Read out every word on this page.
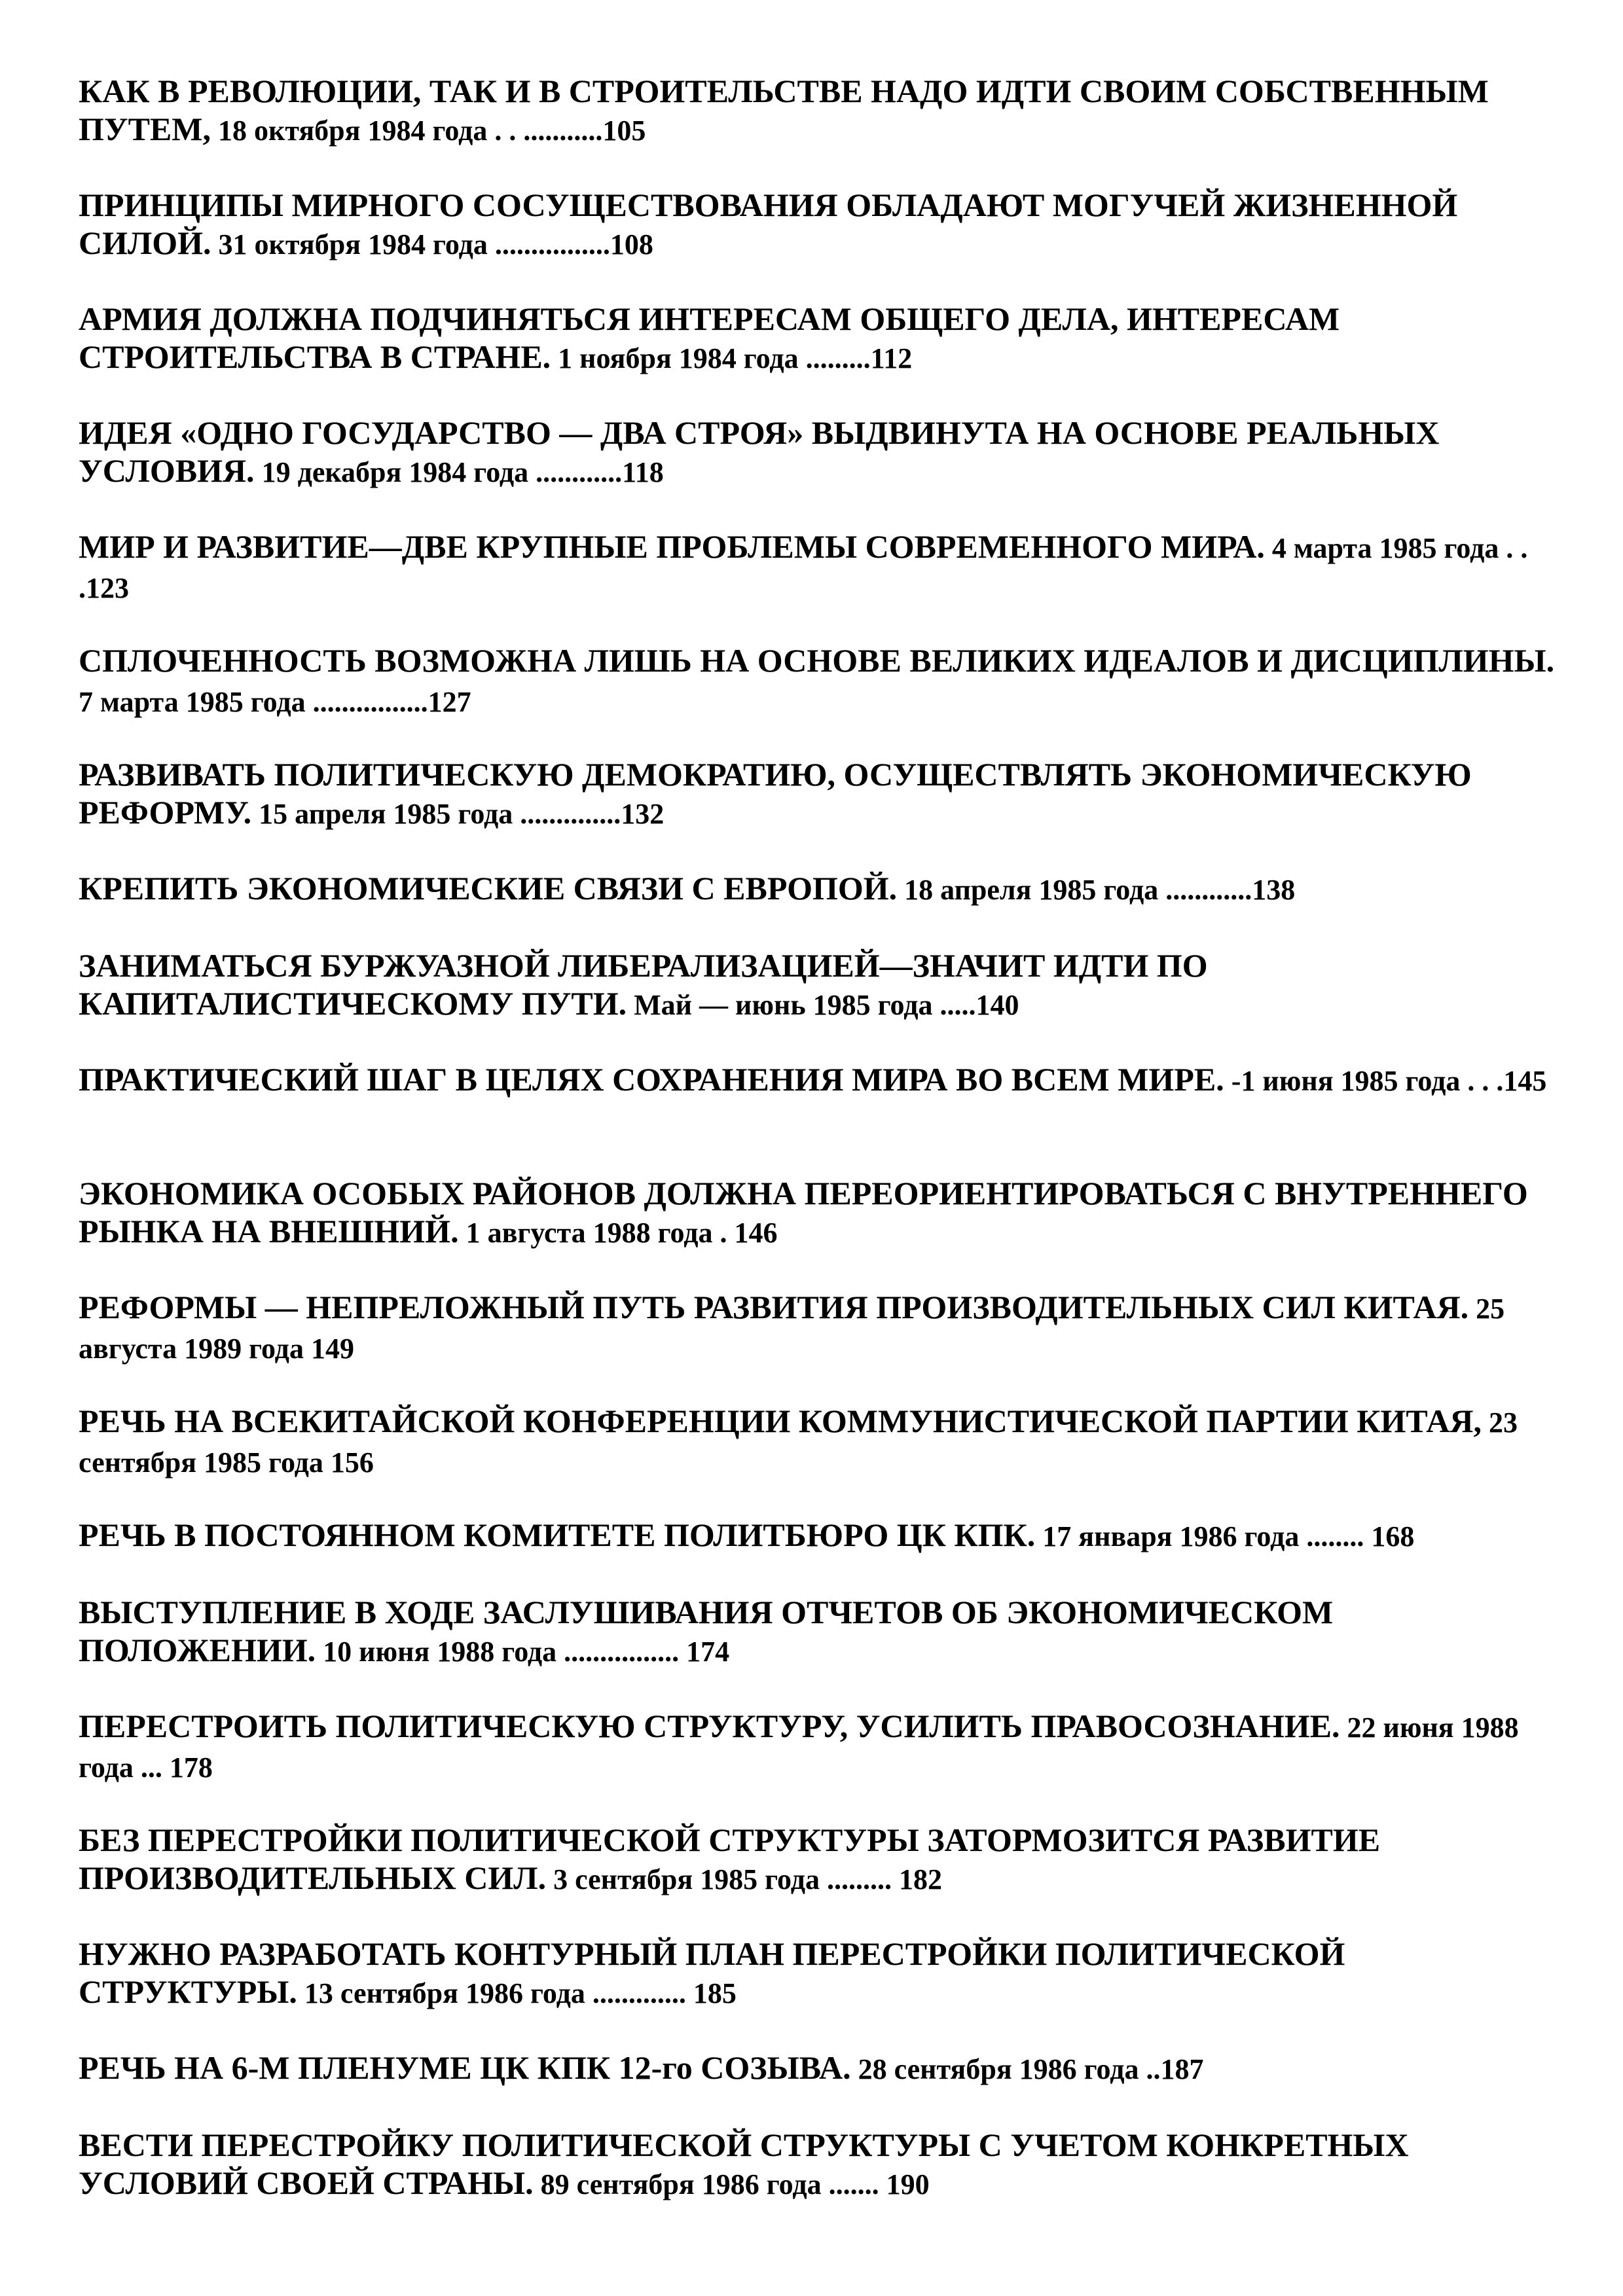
КАК В РЕВОЛЮЦИИ, ТАК И В СТРОИТЕЛЬСТВЕ НАДО ИДТИ СВОИМ СОБСТВЕННЫМ ПУТЕМ, 18 октября 1984 года . . ...........105
ПРИНЦИПЫ МИРНОГО СОСУЩЕСТВОВАНИЯ ОБЛАДАЮТ МОГУЧЕЙ ЖИЗНЕННОЙ СИЛОЙ. 31 октября 1984 года ................108
АРМИЯ ДОЛЖНА ПОДЧИНЯТЬСЯ ИНТЕРЕСАМ ОБЩЕГО ДЕЛА, ИНТЕРЕСАМ СТРОИТЕЛЬСТВА В СТРАНЕ. 1 ноября 1984 года .........112
ИДЕЯ «ОДНО ГОСУДАРСТВО — ДВА СТРОЯ» ВЫДВИНУТА НА ОСНОВЕ РЕАЛЬНЫХ УСЛОВИЯ. 19 декабря 1984 года ............118
МИР И РАЗВИТИЕ—ДВЕ КРУПНЫЕ ПРОБЛЕМЫ СОВРЕМЕННОГО МИРА. 4 марта 1985 года . . .123
СПЛОЧЕННОСТЬ ВОЗМОЖНА ЛИШЬ НА ОСНОВЕ ВЕЛИКИХ ИДЕАЛОВ И ДИСЦИПЛИНЫ. 7 марта 1985 года ................127
РАЗВИВАТЬ ПОЛИТИЧЕСКУЮ ДЕМОКРАТИЮ, ОСУЩЕСТВЛЯТЬ ЭКОНОМИЧЕСКУЮ РЕФОРМУ. 15 апреля 1985 года ..............132
КРЕПИТЬ ЭКОНОМИЧЕСКИЕ СВЯЗИ С ЕВРОПОЙ. 18 апреля 1985 года ............138
ЗАНИМАТЬСЯ БУРЖУАЗНОЙ ЛИБЕРАЛИЗАЦИЕЙ—ЗНАЧИТ ИДТИ ПО КАПИТАЛИСТИЧЕСКОМУ ПУТИ. Май — июнь 1985 года .....140
ПРАКТИЧЕСКИЙ ШАГ В ЦЕЛЯХ СОХРАНЕНИЯ МИРА ВО ВСЕМ МИРЕ. -1 июня 1985 года . . .145
ЭКОНОМИКА ОСОБЫХ РАЙОНОВ ДОЛЖНА ПЕРЕОРИЕНТИРОВАТЬСЯ С ВНУТРЕННЕГО РЫНКА НА ВНЕШНИЙ. 1 августа 1988 года . 146
РЕФОРМЫ — НЕПРЕЛОЖНЫЙ ПУТЬ РАЗВИТИЯ ПРОИЗВОДИТЕЛЬНЫХ СИЛ КИТАЯ. 25 августа 1989 года 149
РЕЧЬ НА ВСЕКИТАЙСКОЙ КОНФЕРЕНЦИИ КОММУНИСТИЧЕСКОЙ ПАРТИИ КИТАЯ, 23 сентября 1985 года 156
РЕЧЬ В ПОСТОЯННОМ КОМИТЕТЕ ПОЛИТБЮРО ЦК КПК. 17 января 1986 года ........ 168
ВЫСТУПЛЕНИЕ В ХОДЕ ЗАСЛУШИВАНИЯ ОТЧЕТОВ ОБ ЭКОНОМИЧЕСКОМ ПОЛОЖЕНИИ. 10 июня 1988 года ................ 174
ПЕРЕСТРОИТЬ ПОЛИТИЧЕСКУЮ СТРУКТУРУ, УСИЛИТЬ ПРАВОСОЗНАНИЕ. 22 июня 1988 года ... 178
БЕЗ ПЕРЕСТРОЙКИ ПОЛИТИЧЕСКОЙ СТРУКТУРЫ ЗАТОРМОЗИТСЯ РАЗВИТИЕ ПРОИЗВОДИТЕЛЬНЫХ СИЛ. 3 сентября 1985 года ......... 182
НУЖНО РАЗРАБОТАТЬ КОНТУРНЫЙ ПЛАН ПЕРЕСТРОЙКИ ПОЛИТИЧЕСКОЙ СТРУКТУРЫ. 13 сентября 1986 года ............. 185
РЕЧЬ НА 6-М ПЛЕНУМЕ ЦК КПК 12-го СОЗЫВА. 28 сентября 1986 года ..187
ВЕСТИ ПЕРЕСТРОЙКУ ПОЛИТИЧЕСКОЙ СТРУКТУРЫ С УЧЕТОМ КОНКРЕТНЫХ УСЛОВИЙ СВОЕЙ СТРАНЫ. 89 сентября 1986 года ....... 190
